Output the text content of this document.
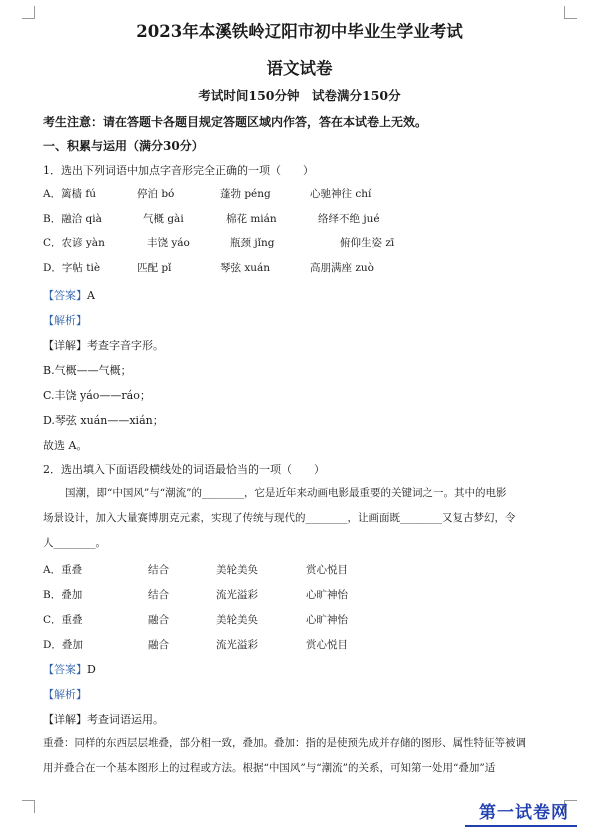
2023年本溪铁岭辽阳市初中毕业生学业考试
语文试卷
考试时间150分钟　试卷满分150分
考生注意：请在答题卡各题目规定答题区域内作答，答在本试卷上无效。
一、积累与运用（满分30分）
1．选出下列词语中加点字音形完全正确的一项（　　）
A．篱樯 fú	停泊 bó	蓬勃 péng	心驰神往 chí
B．融洽 qià	气概 gài	棉花 mián	络绎不绝 jué
C．农谚 yàn	丰饶 yáo	瓶颈 jǐng	俯仰生姿 zī
D．字帖 tiè	匹配 pǐ	琴弦 xuán	高朋满座 zuò
【答案】A
【解析】
【详解】考查字音字形。
B.气概——气概；
C.丰饶 yáo——ráo；
D.琴弦 xuán——xián；
故选 A。
2．选出填入下面语段横线处的词语最恰当的一项（　　）
国潮，即“中国风”与“潮流”的________，它是近年来动画电影最重要的关键词之一。其中的电影
场景设计，加入大量赛博朋克元素，实现了传统与现代的________，让画面既________又复古梦幻，令
人________。
A．重叠	结合	美轮美奂	赏心悦目
B．叠加	结合	流光溢彩	心旷神怡
C．重叠	融合	美轮美奂	心旷神怡
D．叠加	融合	流光溢彩	赏心悦目
【答案】D
【解析】
【详解】考查词语运用。
重叠：同样的东西层层堆叠，部分相一致，叠加。叠加：指的是使预先成并存储的图形、属性特征等被调
用并叠合在一个基本图形上的过程或方法。根据“中国风”与“潮流”的关系，可知第一处用“叠加”适
第一试卷网
